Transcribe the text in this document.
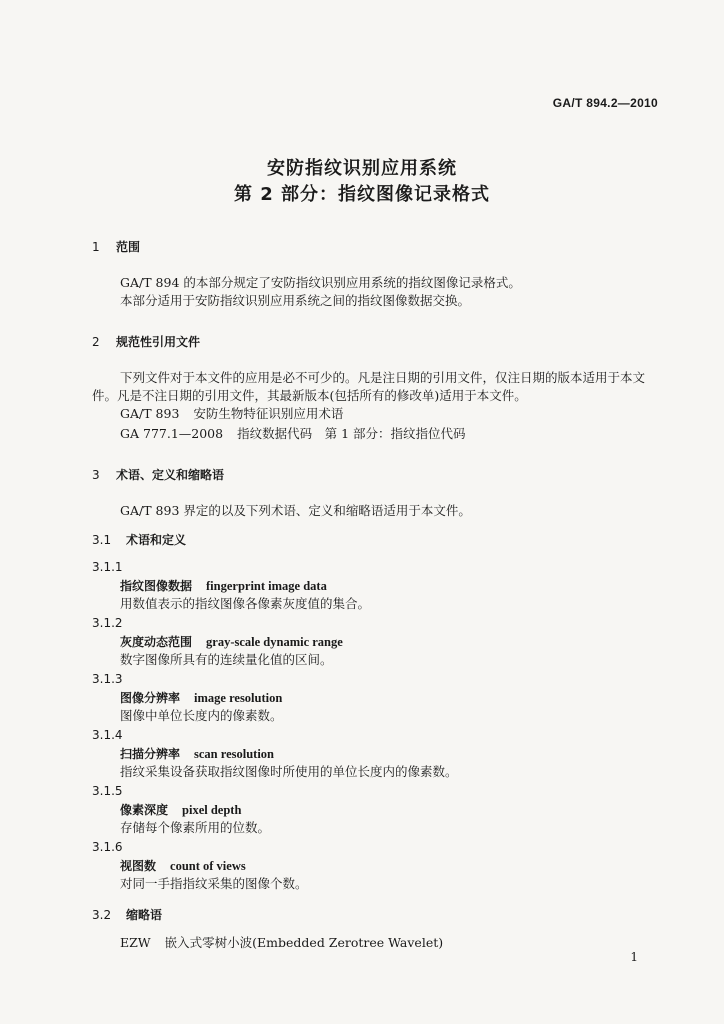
GA/T 894.2—2010
安防指纹识别应用系统
第 2 部分：指纹图像记录格式
1 范围
GA/T 894 的本部分规定了安防指纹识别应用系统的指纹图像记录格式。
本部分适用于安防指纹识别应用系统之间的指纹图像数据交换。
2 规范性引用文件
下列文件对于本文件的应用是必不可少的。凡是注日期的引用文件，仅注日期的版本适用于本文
件。凡是不注日期的引用文件，其最新版本(包括所有的修改单)适用于本文件。
GA/T 893 安防生物特征识别应用术语
GA 777.1—2008 指纹数据代码　第 1 部分：指纹指位代码
3 术语、定义和缩略语
GA/T 893 界定的以及下列术语、定义和缩略语适用于本文件。
3.1 术语和定义
3.1.1
指纹图像数据 fingerprint image data
用数值表示的指纹图像各像素灰度值的集合。
3.1.2
灰度动态范围 gray-scale dynamic range
数字图像所具有的连续量化值的区间。
3.1.3
图像分辨率 image resolution
图像中单位长度内的像素数。
3.1.4
扫描分辨率 scan resolution
指纹采集设备获取指纹图像时所使用的单位长度内的像素数。
3.1.5
像素深度 pixel depth
存储每个像素所用的位数。
3.1.6
视图数 count of views
对同一手指指纹采集的图像个数。
3.2 缩略语
EZW 嵌入式零树小波(Embedded Zerotree Wavelet)
1
